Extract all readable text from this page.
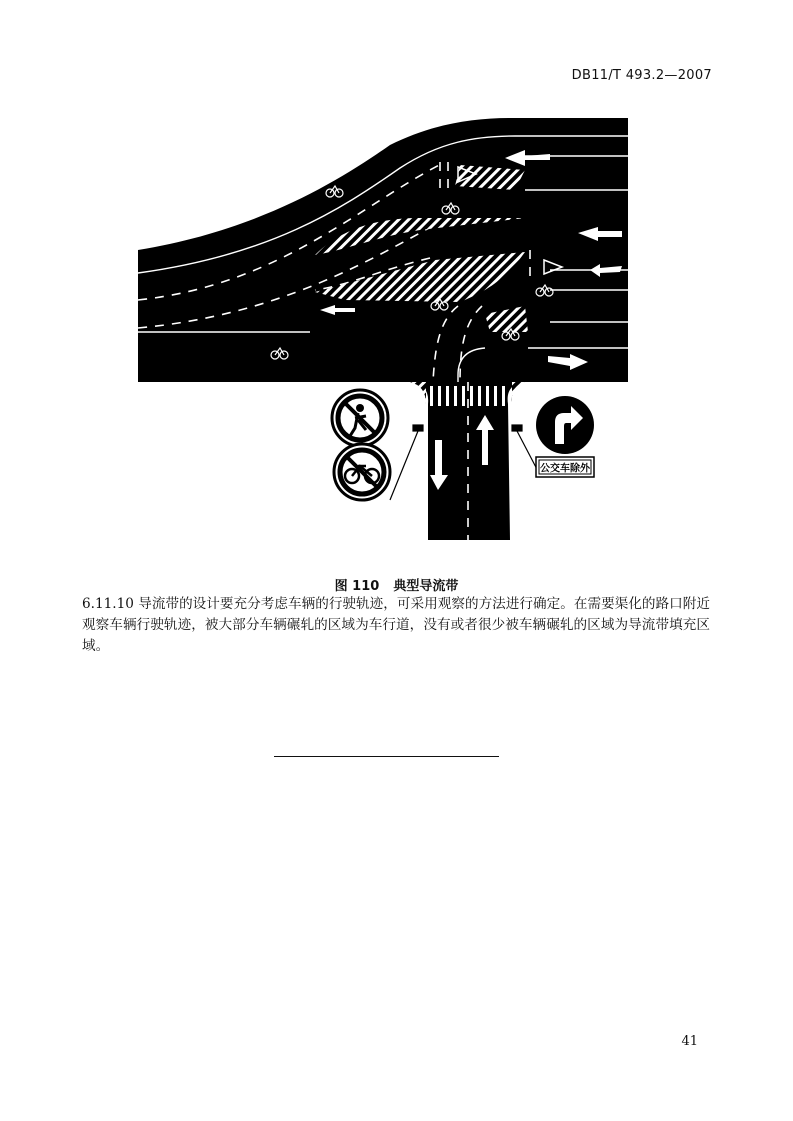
DB11/T 493.2—2007
公交车除外
图 110 典型导流带
6.11.10 导流带的设计要充分考虑车辆的行驶轨迹，可采用观察的方法进行确定。在需要渠化的路口附近观察车辆行驶轨迹，被大部分车辆碾轧的区域为车行道，没有或者很少被车辆碾轧的区域为导流带填充区域。
41
